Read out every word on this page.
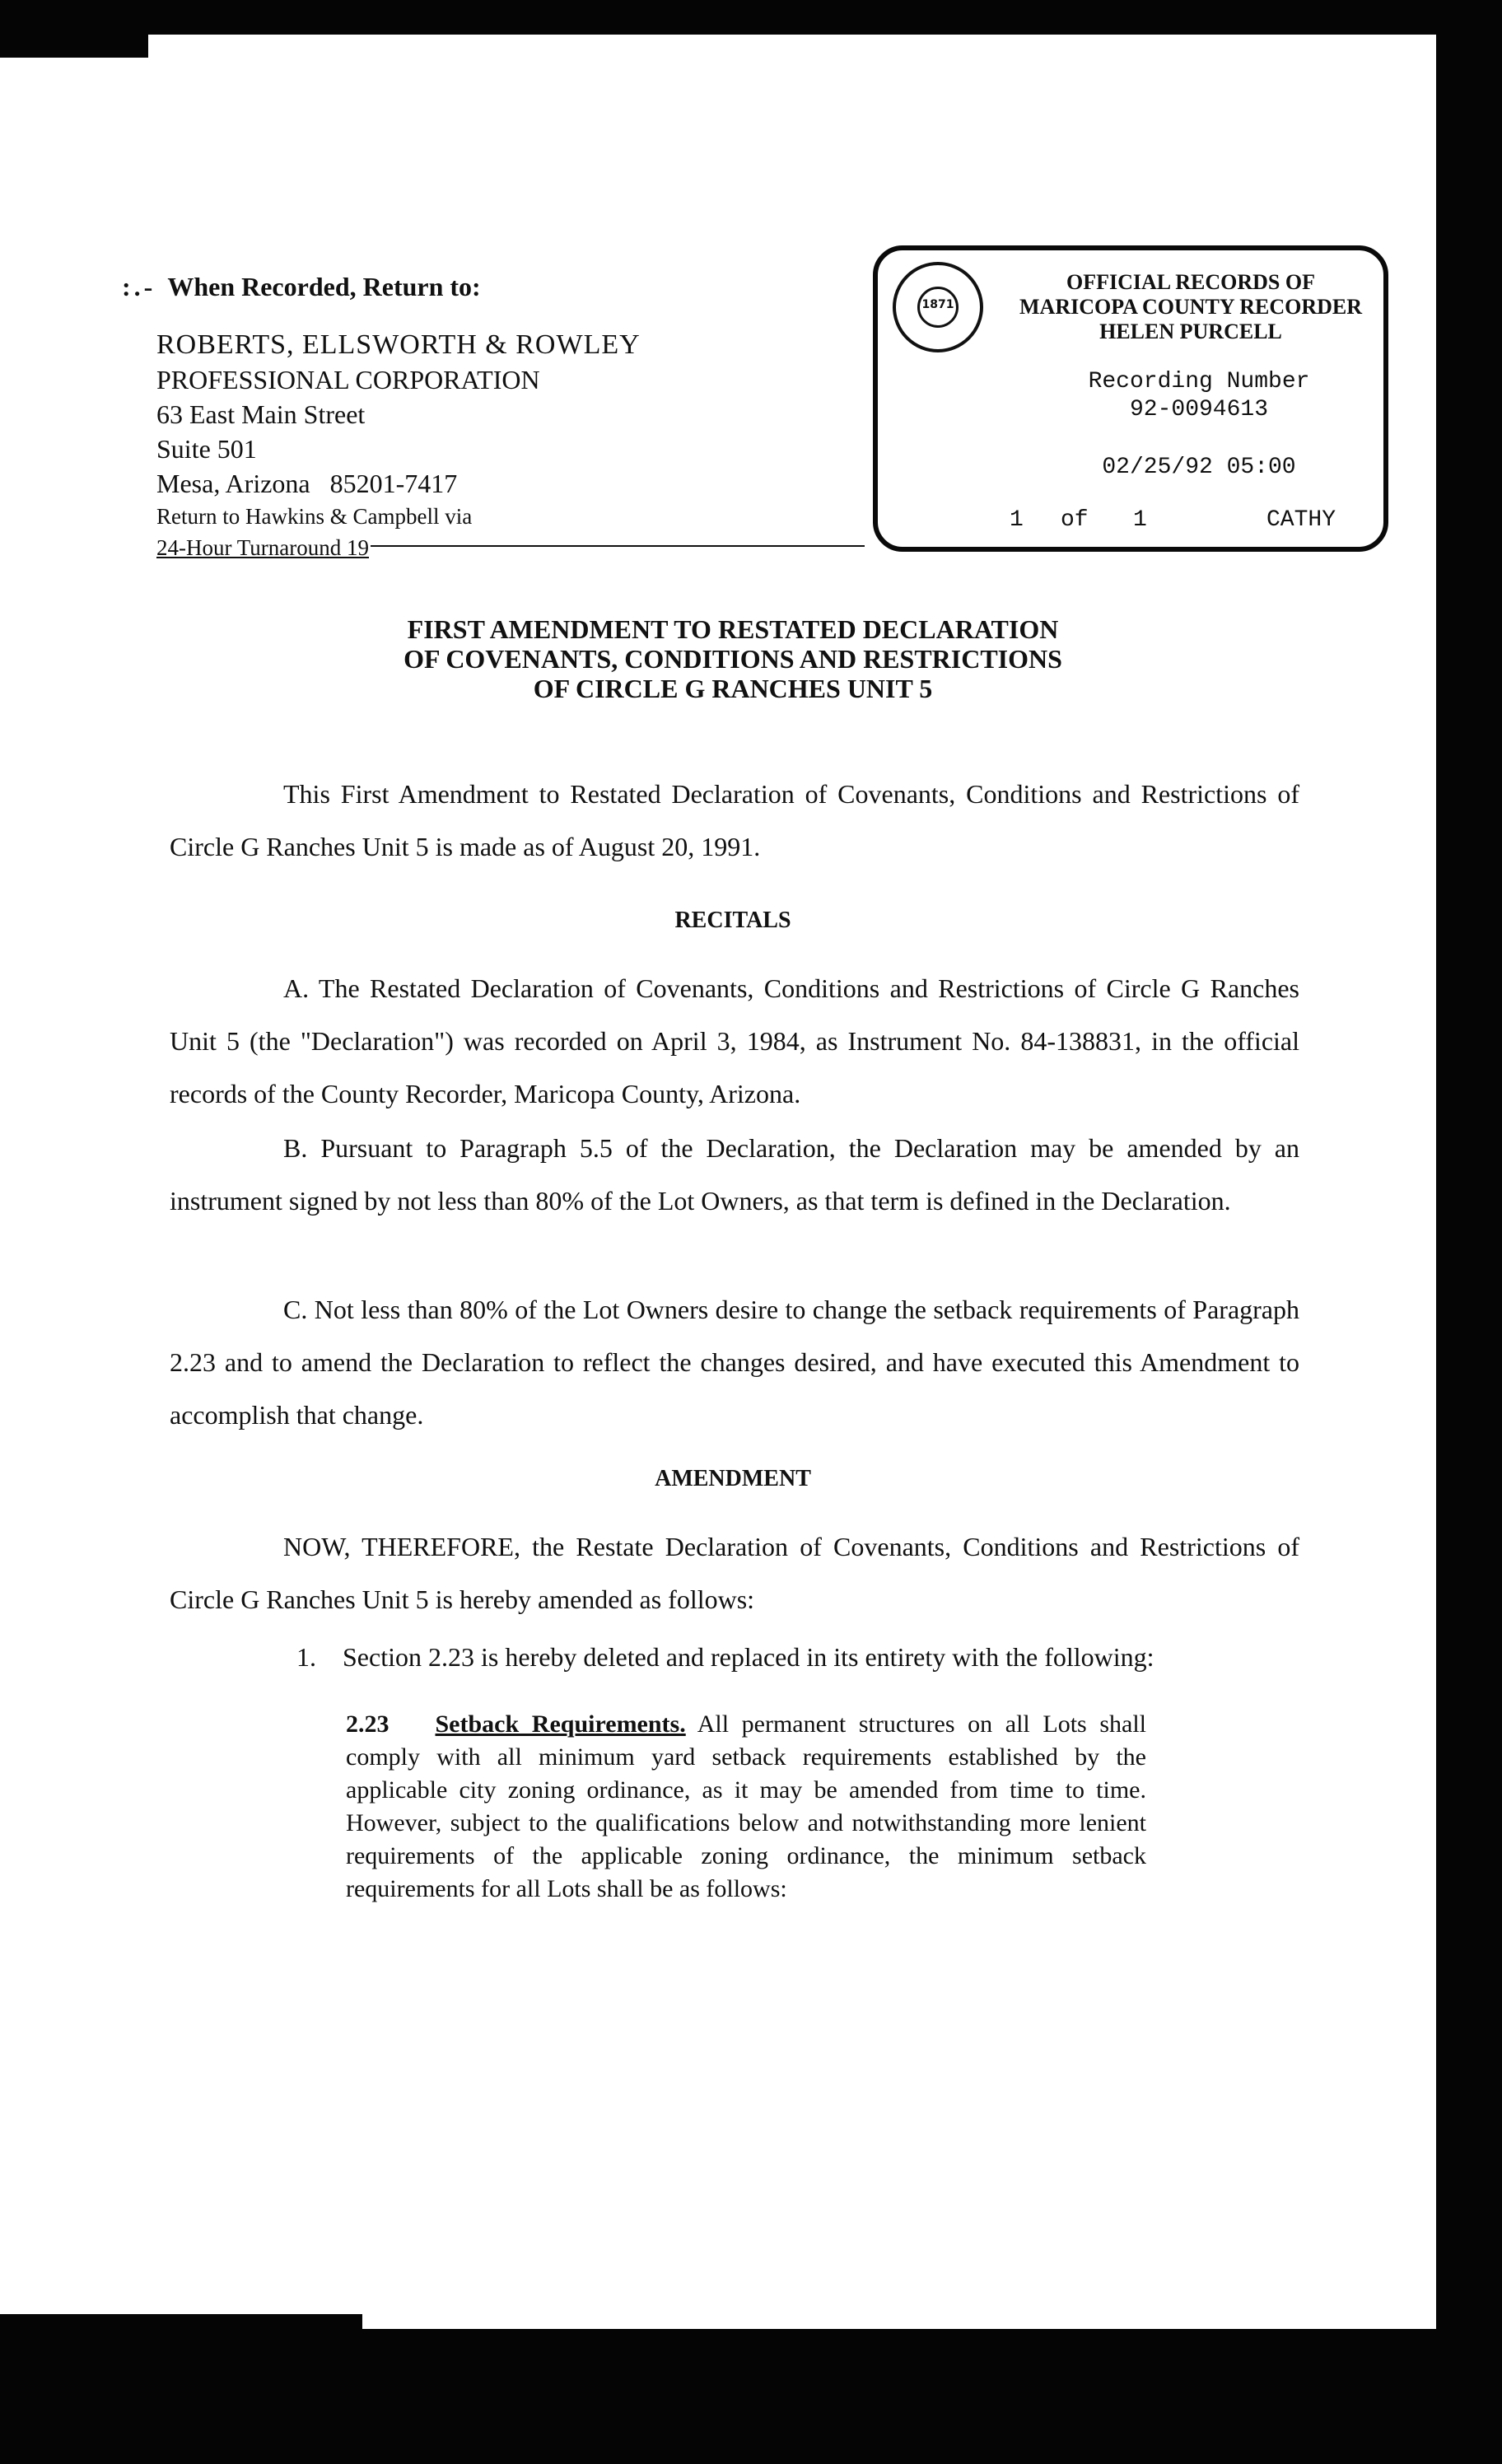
:.- When Recorded, Return to:
ROBERTS, ELLSWORTH & ROWLEY
PROFESSIONAL CORPORATION
63 East Main Street
Suite 501
Mesa, Arizona   85201-7417
Return to Hawkins & Campbell via
24-Hour Turnaround 19
1871
OFFICIAL RECORDS OF
MARICOPA COUNTY RECORDER
HELEN PURCELL
Recording Number
92-0094613
02/25/92 05:00
1 of 1	CATHY
FIRST AMENDMENT TO RESTATED DECLARATION
OF COVENANTS, CONDITIONS AND RESTRICTIONS
OF CIRCLE G RANCHES UNIT 5
This First Amendment to Restated Declaration of Covenants, Conditions and Restrictions of Circle G Ranches Unit 5 is made as of August 20, 1991.
RECITALS
A. The Restated Declaration of Covenants, Conditions and Restrictions of Circle G Ranches Unit 5 (the "Declaration") was recorded on April 3, 1984, as Instrument No. 84-138831, in the official records of the County Recorder, Maricopa County, Arizona.
B. Pursuant to Paragraph 5.5 of the Declaration, the Declaration may be amended by an instrument signed by not less than 80% of the Lot Owners, as that term is defined in the Declaration.
C. Not less than 80% of the Lot Owners desire to change the setback requirements of Paragraph 2.23 and to amend the Declaration to reflect the changes desired, and have executed this Amendment to accomplish that change.
AMENDMENT
NOW, THEREFORE, the Restate Declaration of Covenants, Conditions and Restrictions of Circle G Ranches Unit 5 is hereby amended as follows:
1. Section 2.23 is hereby deleted and replaced in its entirety with the following:
2.23 Setback Requirements. All permanent structures on all Lots shall comply with all minimum yard setback requirements established by the applicable city zoning ordinance, as it may be amended from time to time. However, subject to the qualifications below and notwithstanding more lenient requirements of the applicable zoning ordinance, the minimum setback requirements for all Lots shall be as follows:
